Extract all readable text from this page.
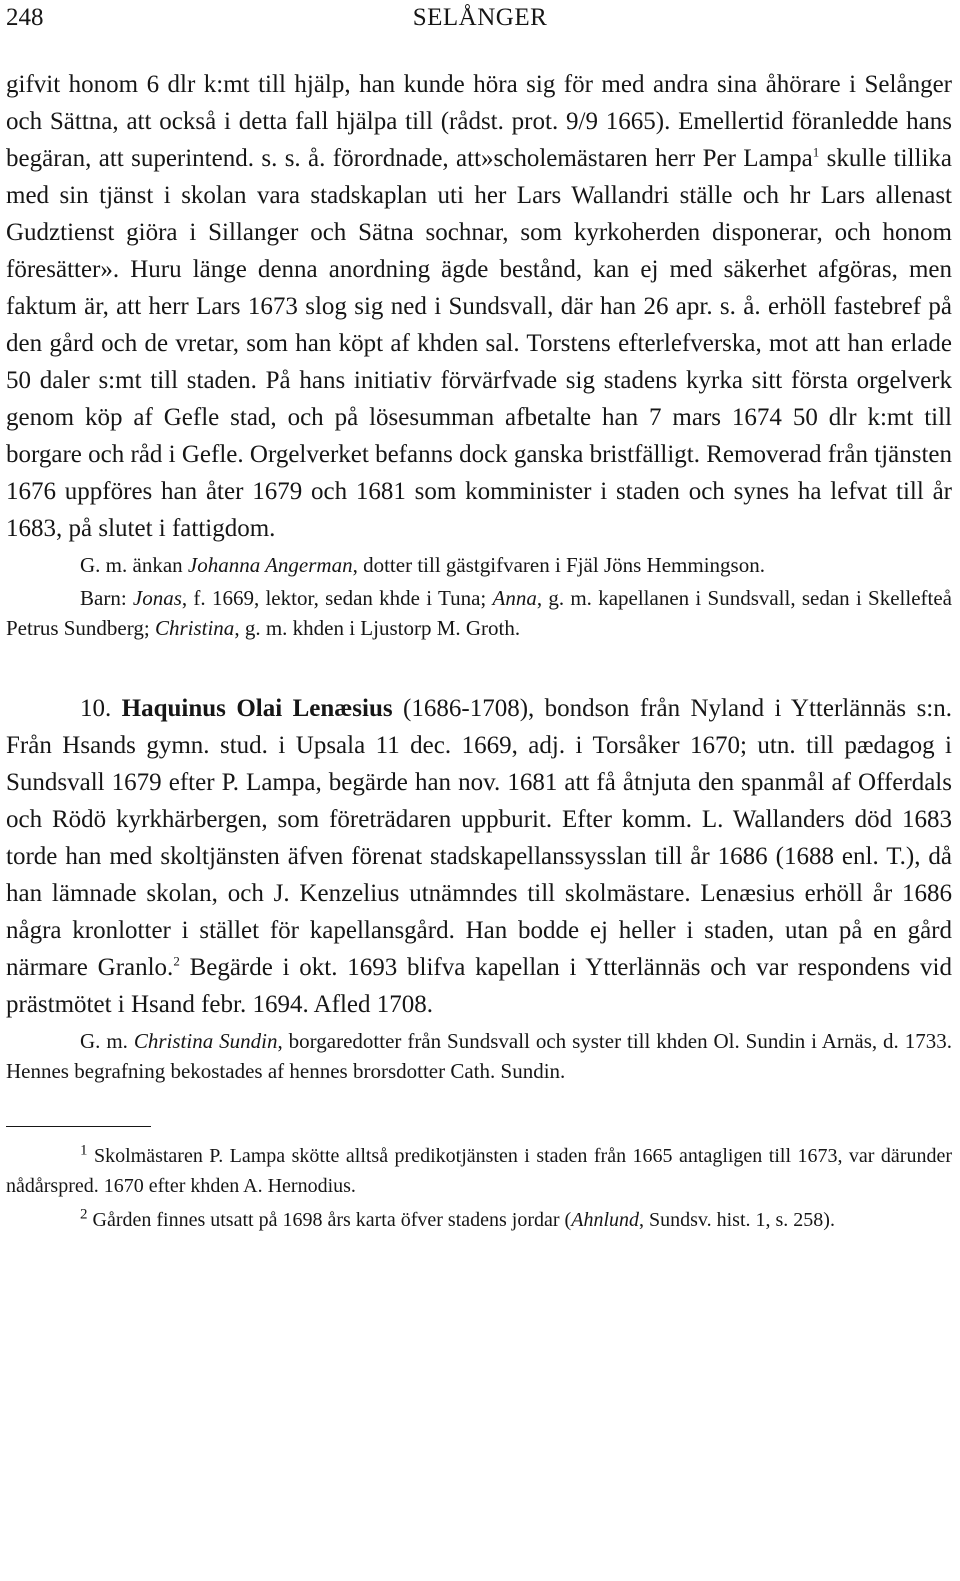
248	SELÅNGER

gifvit honom 6 dlr k:mt till hjälp, han kunde höra sig för med andra sina åhörare i Selånger och Sättna, att också i detta fall hjälpa till (rådst. prot. 9/9 1665). Emellertid föranledde hans begäran, att superintend. s. s. å. förordnade, att»scholemästaren herr Per Lampa$^1$ skulle tillika med sin tjänst i skolan vara stadskaplan uti her Lars Wallandri ställe och hr Lars allenast Gudztienst giöra i Sillanger och Sätna sochnar, som kyrkoherden disponerar, och honom föresätter». Huru länge denna anordning ägde bestånd, kan ej med säkerhet afgöras, men faktum är, att herr Lars 1673 slog sig ned i Sundsvall, där han 26 apr. s. å. erhöll fastebref på den gård och de vretar, som han köpt af khden sal. Torstens efterlefverska, mot att han erlade 50 daler s:mt till staden. På hans initiativ förvärfvade sig stadens kyrka sitt första orgelverk genom köp af Gefle stad, och på lösesumman afbetalte han 7 mars 1674 50 dlr k:mt till borgare och råd i Gefle. Orgelverket befanns dock ganska bristfälligt. Removerad från tjänsten 1676 uppföres han åter 1679 och 1681 som komminister i staden och synes ha lefvat till år 1683, på slutet i fattigdom.

G. m. änkan Johanna Angerman, dotter till gästgifvaren i Fjäl Jöns Hemmingson.

Barn: Jonas, f. 1669, lektor, sedan khde i Tuna; Anna, g. m. kapellanen i Sundsvall, sedan i Skellefteå Petrus Sundberg; Christina, g. m. khden i Ljustorp M. Groth.

10. Haquinus Olai Lenæsius (1686-1708), bondson från Nyland i Ytterlännäs s:n. Från Hsands gymn. stud. i Upsala 11 dec. 1669, adj. i Torsåker 1670; utn. till pædagog i Sundsvall 1679 efter P. Lampa, begärde han nov. 1681 att få åtnjuta den spanmål af Offerdals och Rödö kyrkhärbergen, som företrädaren uppburit. Efter komm. L. Wallanders död 1683 torde han med skoltjänsten äfven förenat stadskapellanssysslan till år 1686 (1688 enl. T.), då han lämnade skolan, och J. Kenzelius utnämndes till skolmästare. Lenæsius erhöll år 1686 några kronlotter i stället för kapellansgård. Han bodde ej heller i staden, utan på en gård närmare Granlo.$^2$ Begärde i okt. 1693 blifva kapellan i Ytterlännäs och var respondens vid prästmötet i Hsand febr. 1694. Afled 1708.

G. m. Christina Sundin, borgaredotter från Sundsvall och syster till khden Ol. Sundin i Arnäs, d. 1733. Hennes begrafning bekostades af hennes brorsdotter Cath. Sundin.

$^1$ Skolmästaren P. Lampa skötte alltså predikotjänsten i staden från 1665 antagligen till 1673, var därunder nådårspred. 1670 efter khden A. Hernodius.

$^2$ Gården finnes utsatt på 1698 års karta öfver stadens jordar (Ahnlund, Sundsv. hist. 1, s. 258).
